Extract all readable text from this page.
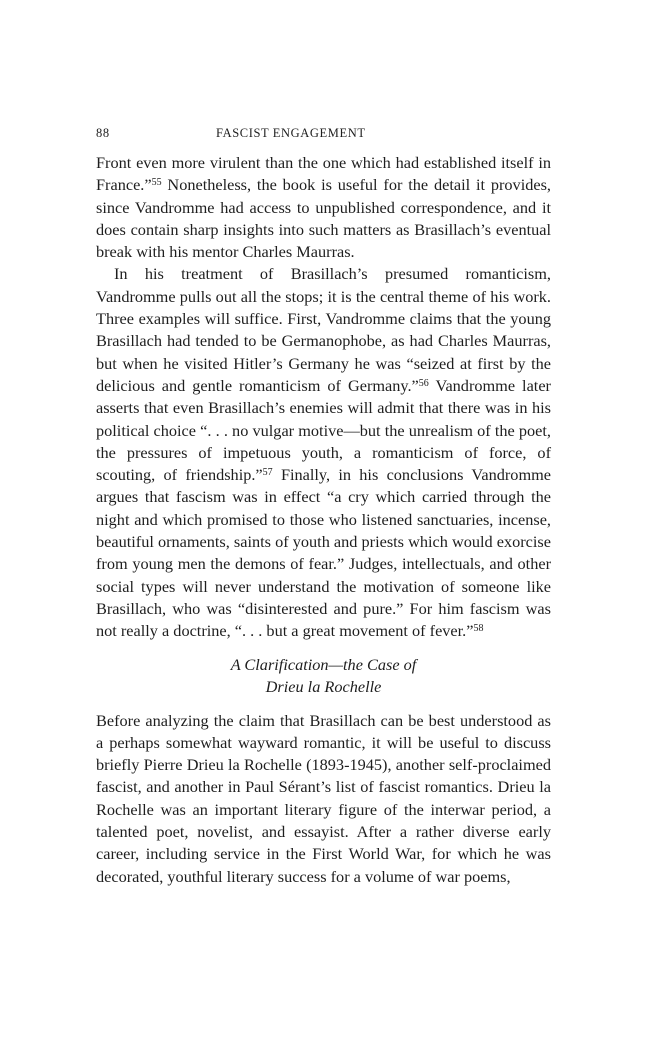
88	FASCIST ENGAGEMENT

Front even more virulent than the one which had established itself in France.”$^{55}$ Nonetheless, the book is useful for the detail it provides, since Vandromme had access to unpublished correspondence, and it does contain sharp insights into such matters as Brasillach’s eventual break with his mentor Charles Maurras.

In his treatment of Brasillach’s presumed romanticism, Vandromme pulls out all the stops; it is the central theme of his work. Three examples will suffice. First, Vandromme claims that the young Brasillach had tended to be Germanophobe, as had Charles Maurras, but when he visited Hitler’s Germany he was “seized at first by the delicious and gentle romanticism of Germany.”$^{56}$ Vandromme later asserts that even Brasillach’s enemies will admit that there was in his political choice “. . . no vulgar motive—but the unrealism of the poet, the pressures of impetuous youth, a romanticism of force, of scouting, of friendship.”$^{57}$ Finally, in his conclusions Vandromme argues that fascism was in effect “a cry which carried through the night and which promised to those who listened sanctuaries, incense, beautiful ornaments, saints of youth and priests which would exorcise from young men the demons of fear.” Judges, intellectuals, and other social types will never understand the motivation of someone like Brasillach, who was “disinterested and pure.” For him fascism was not really a doctrine, “. . . but a great movement of fever.”$^{58}$

A Clarification—the Case of
Drieu la Rochelle

Before analyzing the claim that Brasillach can be best understood as a perhaps somewhat wayward romantic, it will be useful to discuss briefly Pierre Drieu la Rochelle (1893-1945), another self-proclaimed fascist, and another in Paul Sérant’s list of fascist romantics. Drieu la Rochelle was an important literary figure of the interwar period, a talented poet, novelist, and essayist. After a rather diverse early career, including service in the First World War, for which he was decorated, youthful literary success for a volume of war poems,
